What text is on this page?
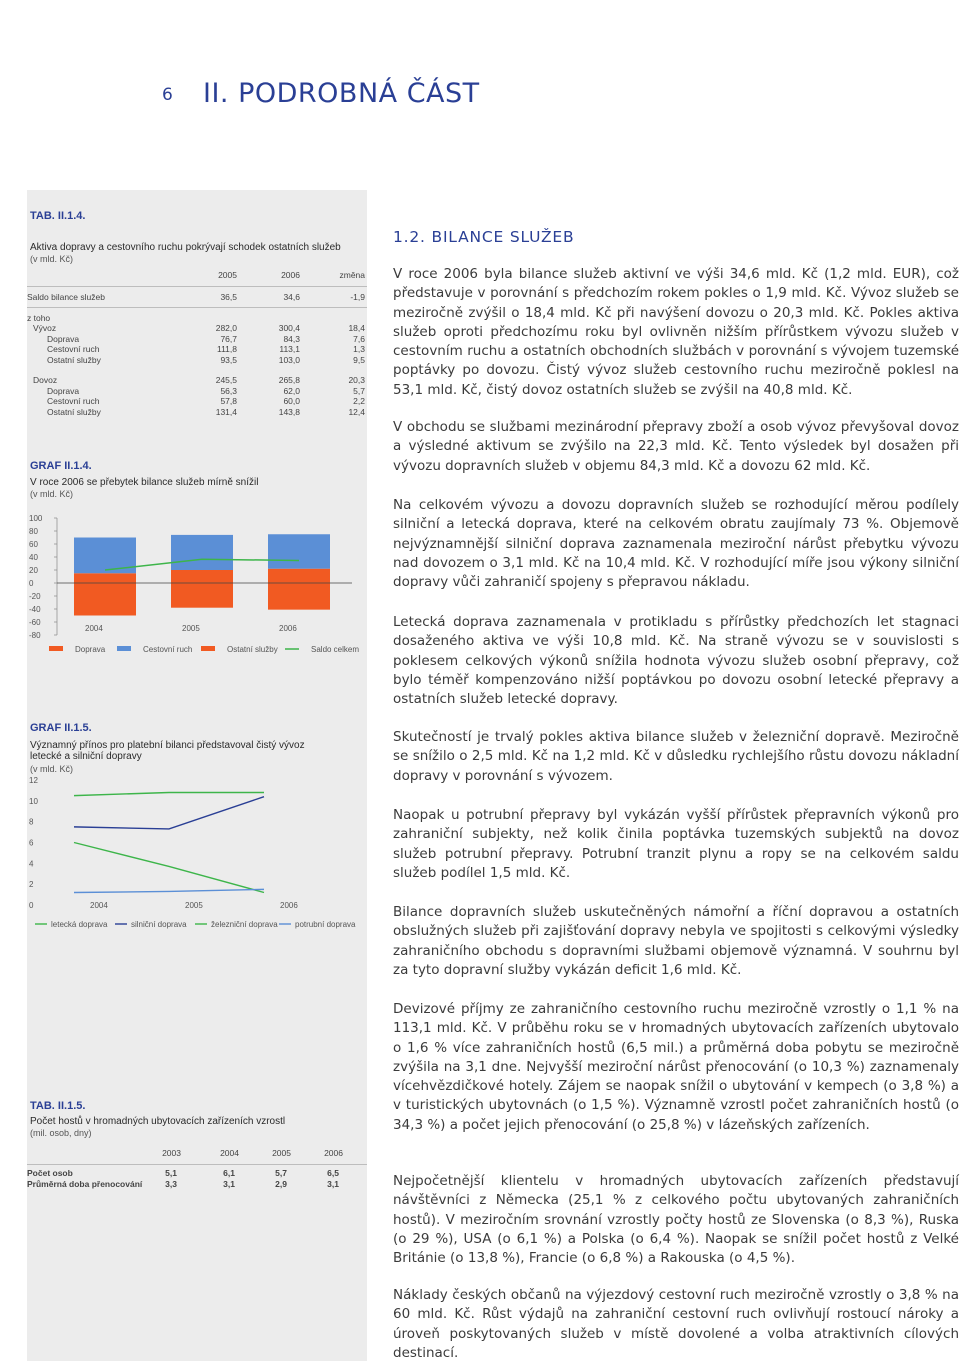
6 II. PODROBNÁ ČÁST
TAB. II.1.4.
Aktiva dopravy a cestovního ruchu pokrývají schodek ostatních služeb
(v mld. Kč)
2005	2006	změna
Saldo bilance služeb	36,5	34,6	-1,9
z toho
Vývoz	282,0	300,4	18,4
Doprava	76,7	84,3	7,6
Cestovní ruch	111,8	113,1	1,3
Ostatní služby	93,5	103,0	9,5
Dovoz	245,5	265,8	20,3
Doprava	56,3	62,0	5,7
Cestovní ruch	57,8	60,0	2,2
Ostatní služby	131,4	143,8	12,4
GRAF II.1.4.
V roce 2006 se přebytek bilance služeb mírně snížil
(v mld. Kč)
100
80
60
40
20
0
-20
-40
-60
-80
2004	2005	2006
Doprava	Cestovní ruch	Ostatní služby	Saldo celkem
GRAF II.1.5.
Významný přínos pro platební bilanci představoval čistý vývoz letecké a silniční dopravy
(v mld. Kč)
12
10
8
6
4
2
0	2004	2005	2006
letecká doprava	silniční doprava	železniční doprava potrubní doprava
TAB. II.1.5.
Počet hostů v hromadných ubytovacích zařízeních vzrostl
(mil. osob, dny)
2003	2004	2005	2006
Počet osob	5,1	6,1	5,7	6,5
Průměrná doba přenocování	3,3	3,1	2,9	3,1
1.2. BILANCE SLUŽEB

V roce 2006 byla bilance služeb aktivní ve výši 34,6 mld. Kč (1,2 mld. EUR), což představuje v porovnání s předchozím rokem pokles o 1,9 mld. Kč. Vývoz služeb se meziročně zvýšil o 18,4 mld. Kč při navýšení dovozu o 20,3 mld. Kč. Pokles aktiva služeb oproti předchozímu roku byl ovlivněn nižším přírůstkem vývozu služeb v cestovním ruchu a ostatních obchodních službách v porovnání s vývojem tuzemské poptávky po dovozu. Čistý vývoz služeb cestovního ruchu meziročně poklesl na 53,1 mld. Kč, čistý dovoz ostatních služeb se zvýšil na 40,8 mld. Kč.

V obchodu se službami mezinárodní přepravy zboží a osob vývoz převyšoval dovoz a výsledné aktivum se zvýšilo na 22,3 mld. Kč. Tento výsledek byl dosažen při vývozu dopravních služeb v objemu 84,3 mld. Kč a dovozu 62 mld. Kč.

Na celkovém vývozu a dovozu dopravních služeb se rozhodující měrou podílely silniční a letecká doprava, které na celkovém obratu zaujímaly 73 %. Objemově nejvýznamnější silniční doprava zaznamenala meziroční nárůst přebytku vývozu nad dovozem o 3,1 mld. Kč na 10,4 mld. Kč. V rozhodující míře jsou výkony silniční dopravy vůči zahraničí spojeny s přepravou nákladu.

Letecká doprava zaznamenala v protikladu s přírůstky předchozích let stagnaci dosaženého aktiva ve výši 10,8 mld. Kč. Na straně vývozu se v souvislosti s poklesem celkových výkonů snížila hodnota vývozu služeb osobní přepravy, což bylo téměř kompenzováno nižší poptávkou po dovozu osobní letecké přepravy a ostatních služeb letecké dopravy.

Skutečností je trvalý pokles aktiva bilance služeb v železniční dopravě. Meziročně se snížilo o 2,5 mld. Kč na 1,2 mld. Kč v důsledku rychlejšího růstu dovozu nákladní dopravy v porovnání s vývozem.

Naopak u potrubní přepravy byl vykázán vyšší přírůstek přepravních výkonů pro zahraniční subjekty, než kolik činila poptávka tuzemských subjektů na dovoz služeb potrubní přepravy. Potrubní tranzit plynu a ropy se na celkovém saldu služeb podílel 1,5 mld. Kč.

Bilance dopravních služeb uskutečněných námořní a říční dopravou a ostatních obslužných služeb při zajišťování dopravy nebyla ve spojitosti s celkovými výsledky zahraničního obchodu s dopravními službami objemově významná. V souhrnu byl za tyto dopravní služby vykázán deficit 1,6 mld. Kč.

Devizové příjmy ze zahraničního cestovního ruchu meziročně vzrostly o 1,1 % na 113,1 mld. Kč. V průběhu roku se v hromadných ubytovacích zařízeních ubytovalo o 1,6 % více zahraničních hostů (6,5 mil.) a průměrná doba pobytu se meziročně zvýšila na 3,1 dne. Nejvyšší meziroční nárůst přenocování (o 10,3 %) zaznamenaly vícehvězdičkové hotely. Zájem se naopak snížil o ubytování v kempech (o 3,8 %) a v turistických ubytovnách (o 1,5 %). Významně vzrostl počet zahraničních hostů (o 34,3 %) a počet jejich přenocování (o 25,8 %) v lázeňských zařízeních.

Nejpočetnější klientelu v hromadných ubytovacích zařízeních představují návštěvníci z Německa (25,1 % z celkového počtu ubytovaných zahraničních hostů). V meziročním srovnání vzrostly počty hostů ze Slovenska (o 8,3 %), Ruska (o 29 %), USA (o 6,1 %) a Polska (o 6,4 %). Naopak se snížil počet hostů z Velké Británie (o 13,8 %), Francie (o 6,8 %) a Rakouska (o 4,5 %).

Náklady českých občanů na výjezdový cestovní ruch meziročně vzrostly o 3,8 % na 60 mld. Kč. Růst výdajů na zahraniční cestovní ruch ovlivňují rostoucí nároky a úroveň poskytovaných služeb v místě dovolené a volba atraktivních cílových destinací.
